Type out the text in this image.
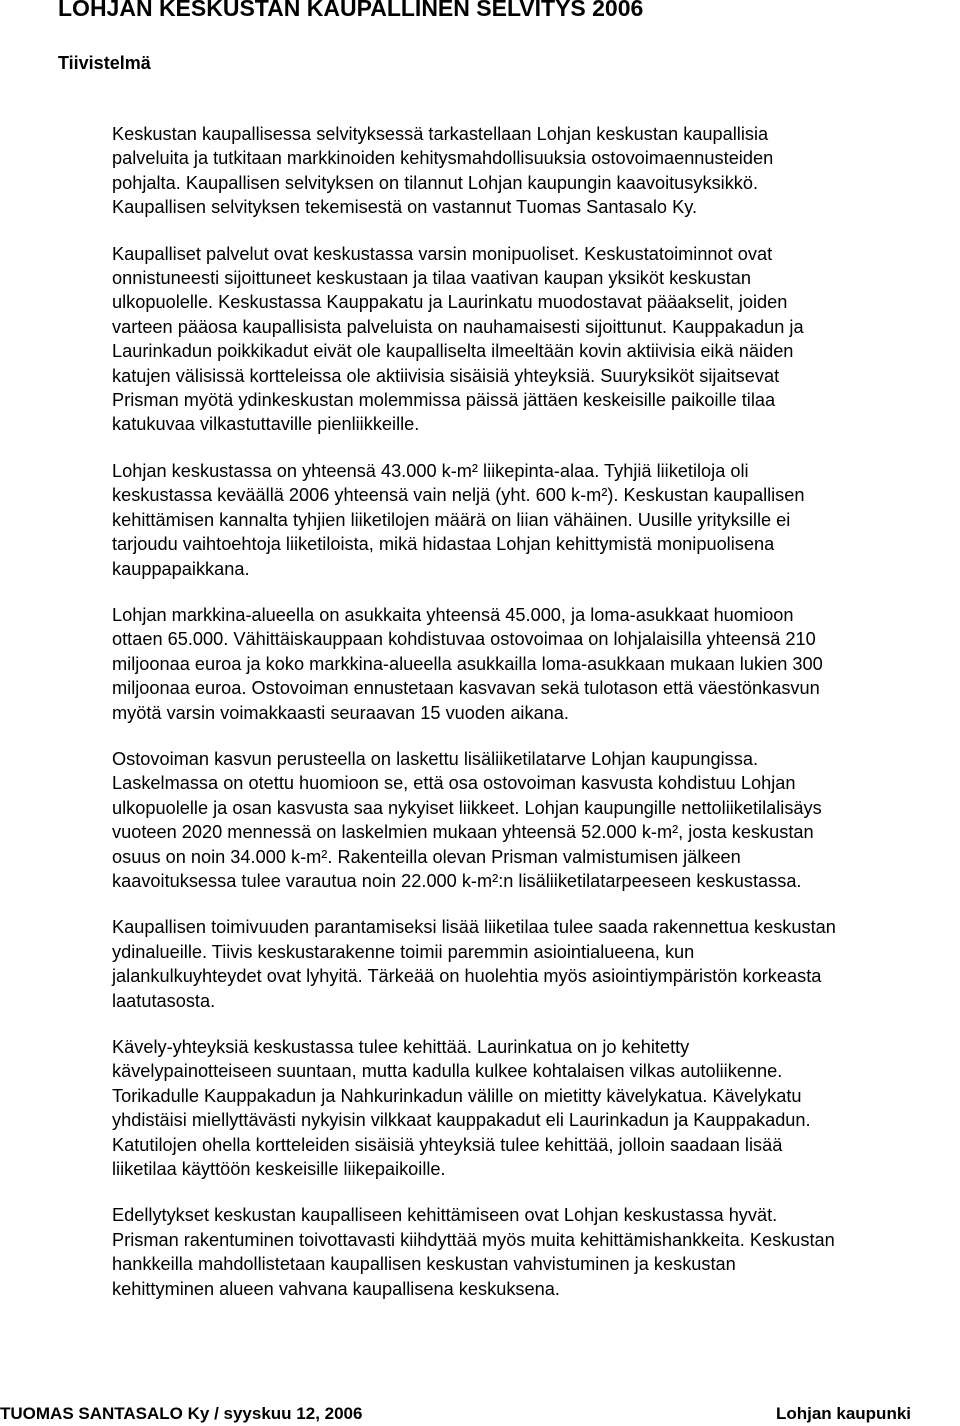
LOHJAN KESKUSTAN KAUPALLINEN SELVITYS 2006
Tiivistelmä

Keskustan kaupallisessa selvityksessä tarkastellaan Lohjan keskustan kaupallisia
palveluita ja tutkitaan markkinoiden kehitysmahdollisuuksia ostovoimaennusteiden
pohjalta. Kaupallisen selvityksen on tilannut Lohjan kaupungin kaavoitusyksikkö.
Kaupallisen selvityksen tekemisestä on vastannut Tuomas Santasalo Ky.

Kaupalliset palvelut ovat keskustassa varsin monipuoliset. Keskustatoiminnot ovat
onnistuneesti sijoittuneet keskustaan ja tilaa vaativan kaupan yksiköt keskustan
ulkopuolelle. Keskustassa Kauppakatu ja Laurinkatu muodostavat pääakselit, joiden
varteen pääosa kaupallisista palveluista on nauhamaisesti sijoittunut. Kauppakadun ja
Laurinkadun poikkikadut eivät ole kaupalliselta ilmeeltään kovin aktiivisia eikä näiden
katujen välisissä kortteleissa ole aktiivisia sisäisiä yhteyksiä. Suuryksiköt sijaitsevat
Prisman myötä ydinkeskustan molemmissa päissä jättäen keskeisille paikoille tilaa
katukuvaa vilkastuttaville pienliikkeille.

Lohjan keskustassa on yhteensä 43.000 k-m² liikepinta-alaa. Tyhjiä liiketiloja oli
keskustassa keväällä 2006 yhteensä vain neljä (yht. 600 k-m²). Keskustan kaupallisen
kehittämisen kannalta tyhjien liiketilojen määrä on liian vähäinen. Uusille yrityksille ei
tarjoudu vaihtoehtoja liiketiloista, mikä hidastaa Lohjan kehittymistä monipuolisena
kauppapaikkana.

Lohjan markkina-alueella on asukkaita yhteensä 45.000, ja loma-asukkaat huomioon
ottaen 65.000. Vähittäiskauppaan kohdistuvaa ostovoimaa on lohjalaisilla yhteensä 210
miljoonaa euroa ja koko markkina-alueella asukkailla loma-asukkaan mukaan lukien 300
miljoonaa euroa. Ostovoiman ennustetaan kasvavan sekä tulotason että väestönkasvun
myötä varsin voimakkaasti seuraavan 15 vuoden aikana.

Ostovoiman kasvun perusteella on laskettu lisäliiketilatarve Lohjan kaupungissa.
Laskelmassa on otettu huomioon se, että osa ostovoiman kasvusta kohdistuu Lohjan
ulkopuolelle ja osan kasvusta saa nykyiset liikkeet. Lohjan kaupungille nettoliiketilalisäys
vuoteen 2020 mennessä on laskelmien mukaan yhteensä 52.000 k-m², josta keskustan
osuus on noin 34.000 k-m². Rakenteilla olevan Prisman valmistumisen jälkeen
kaavoituksessa tulee varautua noin 22.000 k-m²:n lisäliiketilatarpeeseen keskustassa.

Kaupallisen toimivuuden parantamiseksi lisää liiketilaa tulee saada rakennettua keskustan
ydinalueille. Tiivis keskustarakenne toimii paremmin asiointialueena, kun
jalankulkuyhteydet ovat lyhyitä. Tärkeää on huolehtia myös asiointiympäristön korkeasta
laatutasosta.

Kävely-yhteyksiä keskustassa tulee kehittää. Laurinkatua on jo kehitetty
kävelypainotteiseen suuntaan, mutta kadulla kulkee kohtalaisen vilkas autoliikenne.
Torikadulle Kauppakadun ja Nahkurinkadun välille on mietitty kävelykatua. Kävelykatu
yhdistäisi miellyttävästi nykyisin vilkkaat kauppakadut eli Laurinkadun ja Kauppakadun.
Katutilojen ohella kortteleiden sisäisiä yhteyksiä tulee kehittää, jolloin saadaan lisää
liiketilaa käyttöön keskeisille liikepaikoille.

Edellytykset keskustan kaupalliseen kehittämiseen ovat Lohjan keskustassa hyvät.
Prisman rakentuminen toivottavasti kiihdyttää myös muita kehittämishankkeita. Keskustan
hankkeilla mahdollistetaan kaupallisen keskustan vahvistuminen ja keskustan
kehittyminen alueen vahvana kaupallisena keskuksena.

TUOMAS SANTASALO Ky / syyskuu 12, 2006	Lohjan kaupunki
